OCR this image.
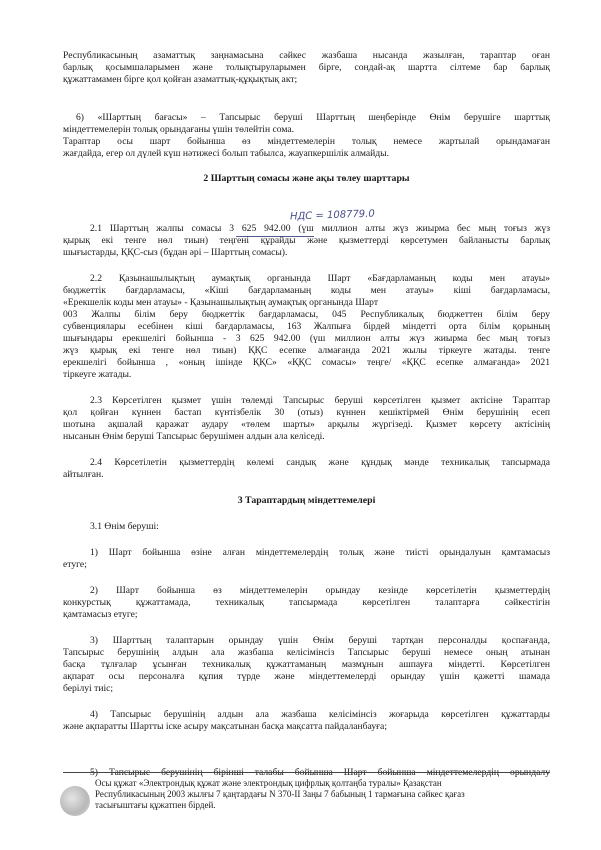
Республикасының азаматтық заңнамасына сәйкес жазбаша нысанда жазылған, тараптар оған
барлық қосымшаларымен және толықтыруларымен бірге, сондай-ақ шартта сілтеме бар барлық
құжаттамамен бірге қол қойған азаматтық-құқықтық акт;
6) «Шарттың бағасы» – Тапсырыс беруші Шарттың шеңберінде Өнім берушіге шарттық
міндеттемелерін толық орындағаны үшін төлейтін сома.
Тараптар осы шарт бойынша өз міндеттемелерін толық немесе жартылай орындамаған
жағдайда, егер ол дүлей күш нәтижесі болып табылса, жауапкершілік алмайды.
2 Шарттың сомасы және ақы төлеу шарттары
НДС = 108779.0
2.1 Шарттың жалпы сомасы 3 625 942.00 (үш миллион алты жүз жиырма бес мың тоғыз жүз
қырық екі тенге нөл тиын) теңгені құрайды және қызметтерді көрсетумен байланысты барлық
шығыстарды, ҚҚС-сыз (бұдан әрі – Шарттың сомасы).
2.2 Қазынашылықтың аумақтық органында Шарт «Бағдарламаның коды мен атауы»
бюджеттік бағдарламасы, «Кіші бағдарламаның коды мен атауы» кіші бағдарламасы,
«Ерекшелік коды мен атауы» - Қазынашылықтың аумақтық органында Шарт
003 Жалпы білім беру бюджеттік бағдарламасы, 045 Республикалық бюджеттен білім беру
субвенциялары есебінен кіші бағдарламасы, 163 Жалпыға бірдей міндетті орта білім қорының
шығындары ерекшелігі бойынша - 3 625 942.00 (үш миллион алты жүз жиырма бес мың тоғыз
жүз қырық екі тенге нөл тиын) ҚҚС есепке алмағанда 2021 жылы тіркеуге жатады. тенге
ерекшелігі бойынша , «оның ішінде ҚҚС» «ҚҚС сомасы» теңге/ «ҚҚС есепке алмағанда» 2021
тіркеуге жатады.
2.3 Көрсетілген қызмет үшін төлемді Тапсырыс беруші көрсетілген қызмет актісіне Тараптар
қол қойған күннен бастап күнтізбелік 30 (отыз) күннен кешіктірмей Өнім берушінің есеп
шотына ақшалай қаражат аудару «төлем шарты» арқылы жүргізеді. Қызмет көрсету актісінің
нысанын Өнім беруші Тапсырыс берушімен алдын ала келіседі.
2.4 Көрсетілетін қызметтердің көлемі сандық және құндық мәнде техникалық тапсырмада
айтылған.
3 Тараптардың міндеттемелері
3.1 Өнім беруші:
1) Шарт бойынша өзіне алған міндеттемелердің толық және тиісті орындалуын қамтамасыз
етуге;
2) Шарт бойынша өз міндеттемелерін орындау кезінде көрсетілетін қызметтердің
конкурстық құжаттамада, техникалық тапсырмада көрсетілген талаптарға сәйкестігін
қамтамасыз етуге;
3) Шарттың талаптарын орындау үшін Өнім беруші тартқан персоналды қоспағанда,
Тапсырыс берушінің алдын ала жазбаша келісімінсіз Тапсырыс беруші немесе оның атынан
басқа тұлғалар ұсынған техникалық құжаттаманың мазмұнын ашпауға міндетті. Көрсетілген
ақпарат осы персоналға құпия түрде және міндеттемелерді орындау үшін қажетті шамада
берілуі тиіс;
4) Тапсырыс берушінің алдын ала жазбаша келісімінсіз жоғарыда көрсетілген құжаттарды
және ақпаратты Шартты іске асыру мақсатынан басқа мақсатта пайдаланбауға;
Осы құжат «Электрондық құжат және электрондық цифрлық қолтаңба туралы» Қазақстан
Республикасының 2003 жылғы 7 қаңтардағы N 370-II Заңы 7 бабының 1 тармағына сәйкес қағаз
тасығыштағы құжатпен бірдей.
